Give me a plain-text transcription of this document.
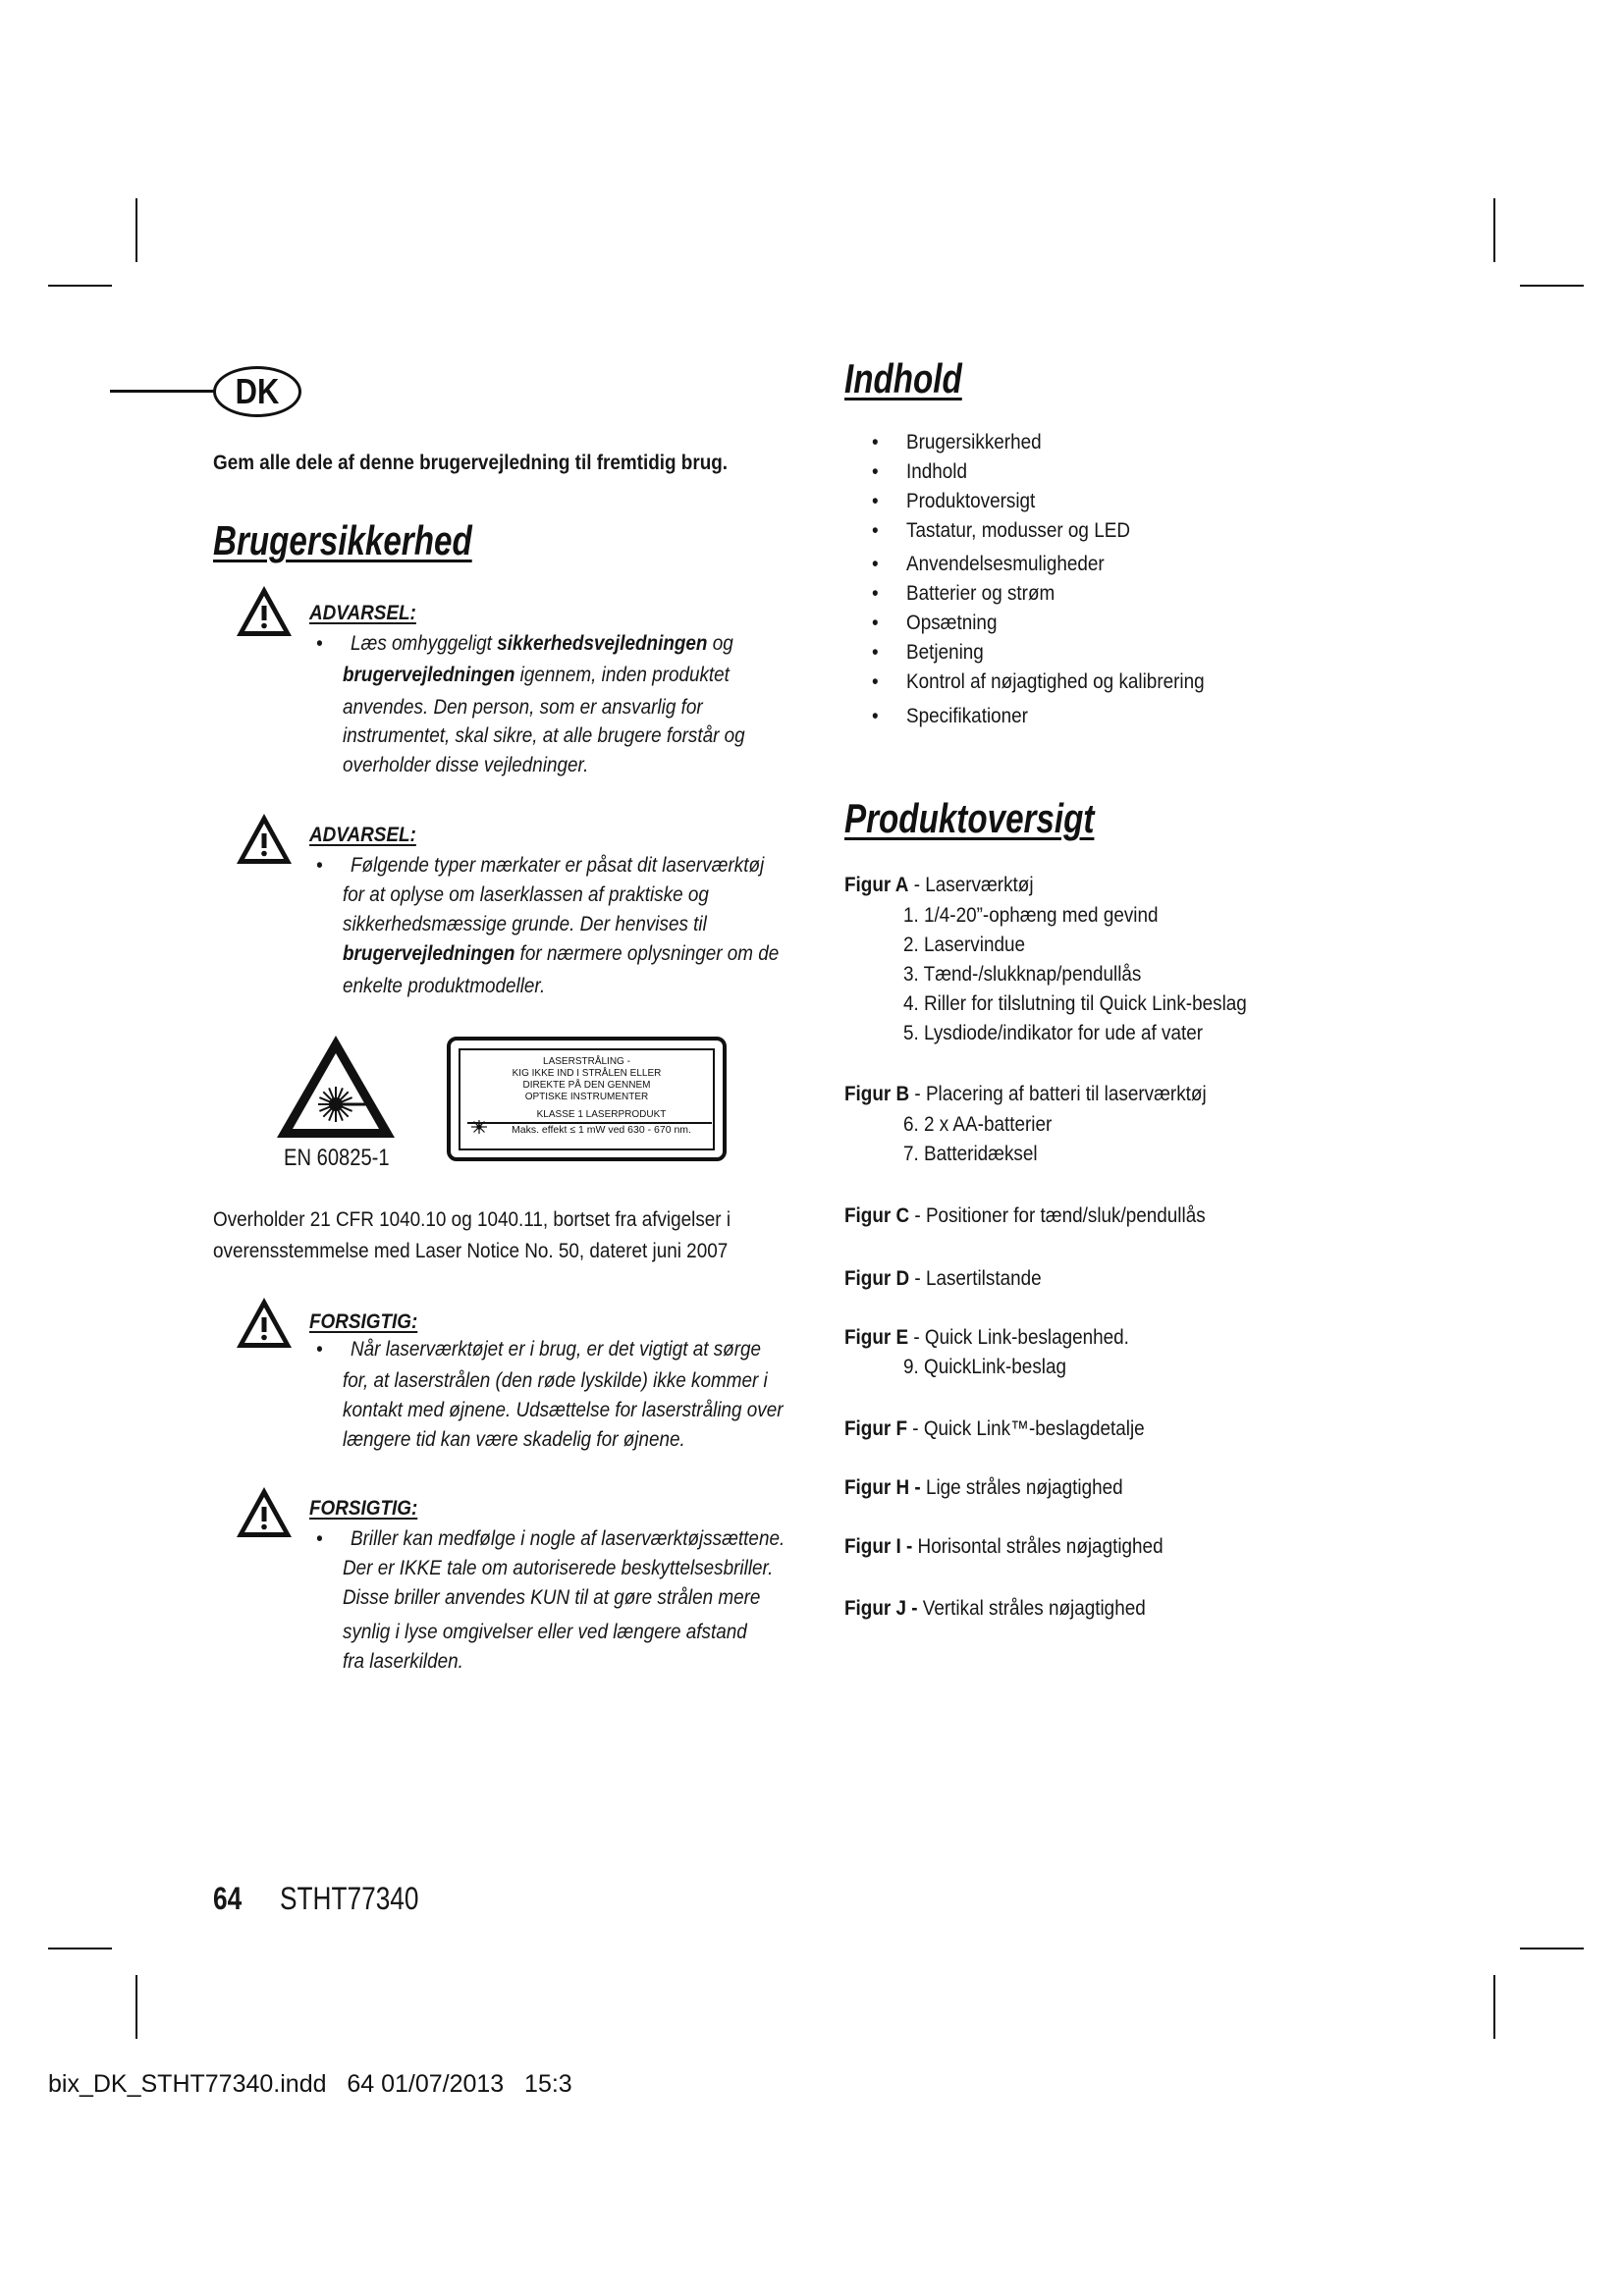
DK
Gem alle dele af denne brugervejledning til fremtidig brug.
Brugersikkerhed
ADVARSEL:
• Læs omhyggeligt sikkerhedsvejledningen og
brugervejledningen igennem, inden produktet
anvendes. Den person, som er ansvarlig for
instrumentet, skal sikre, at alle brugere forstår og
overholder disse vejledninger.
ADVARSEL:
• Følgende typer mærkater er påsat dit laserværktøj
for at oplyse om laserklassen af praktiske og
sikkerhedsmæssige grunde. Der henvises til
brugervejledningen for nærmere oplysninger om de
enkelte produktmodeller.
EN 60825-1
LASERSTRÅLING -
KIG IKKE IND I STRÅLEN ELLER
DIREKTE PÅ DEN GENNEM
OPTISKE INSTRUMENTER
KLASSE 1 LASERPRODUKT
Maks. effekt ≤ 1 mW ved 630 - 670 nm.
Overholder 21 CFR 1040.10 og 1040.11, bortset fra afvigelser i
overensstemmelse med Laser Notice No. 50, dateret juni 2007
FORSIGTIG:
• Når laserværktøjet er i brug, er det vigtigt at sørge
for, at laserstrålen (den røde lyskilde) ikke kommer i
kontakt med øjnene. Udsættelse for laserstråling over
længere tid kan være skadelig for øjnene.
FORSIGTIG:
• Briller kan medfølge i nogle af laserværktøjssættene.
Der er IKKE tale om autoriserede beskyttelsesbriller.
Disse briller anvendes KUN til at gøre strålen mere
synlig i lyse omgivelser eller ved længere afstand
fra laserkilden.
Indhold
• Brugersikkerhed
• Indhold
• Produktoversigt
• Tastatur, modusser og LED
• Anvendelsesmuligheder
• Batterier og strøm
• Opsætning
• Betjening
• Kontrol af nøjagtighed og kalibrering
• Specifikationer
Produktoversigt
Figur A - Laserværktøj
1. 1/4-20”-ophæng med gevind
2. Laservindue
3. Tænd-/slukknap/pendullås
4. Riller for tilslutning til Quick Link-beslag
5. Lysdiode/indikator for ude af vater
Figur B - Placering af batteri til laserværktøj
6. 2 x AA-batterier
7. Batteridæksel
Figur C - Positioner for tænd/sluk/pendullås
Figur D - Lasertilstande
Figur E - Quick Link-beslagenhed.
9. QuickLink-beslag
Figur F - Quick Link™-beslagdetalje
Figur H - Lige stråles nøjagtighed
Figur I - Horisontal stråles nøjagtighed
Figur J - Vertikal stråles nøjagtighed
64 STHT77340
bix_DK_STHT77340.indd   64 01/07/2013   15:3
